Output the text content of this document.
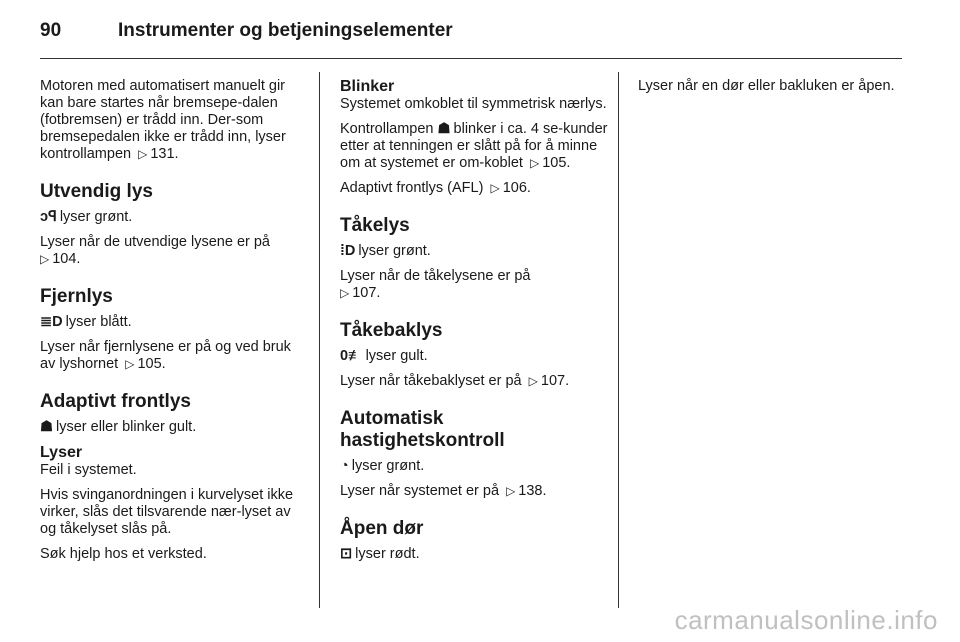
90	Instrumenter og betjeningselementer

Motoren med automatisert manuelt gir kan bare startes når bremsepe-dalen (fotbremsen) er trådd inn. Der-som bremsepedalen ikke er trådd inn, lyser kontrollampen ▷ 131.

Utvendig lys

ↄꟼ lyser grønt.

Lyser når de utvendige lysene er på
▷ 104.

Fjernlys

≣D lyser blått.

Lyser når fjernlysene er på og ved bruk av lyshornet ▷ 105.

Adaptivt frontlys

☗ lyser eller blinker gult.

Lyser

Feil i systemet.

Hvis svinganordningen i kurvelyset ikke virker, slås det tilsvarende nær-lyset av og tåkelyset slås på.

Søk hjelp hos et verksted.

Blinker

Systemet omkoblet til symmetrisk nærlys.

Kontrollampen ☗ blinker i ca. 4 se-kunder etter at tenningen er slått på for å minne om at systemet er om-koblet ▷ 105.

Adaptivt frontlys (AFL) ▷ 106.

Tåkelys

⁞D lyser grønt.

Lyser når de tåkelysene er på
▷ 107.

Tåkebaklys

0≢ lyser gult.

Lyser når tåkebaklyset er på ▷ 107.

Automatisk hastighetskontroll

◔ lyser grønt.

Lyser når systemet er på ▷ 138.

Åpen dør

⊡ lyser rødt.

Lyser når en dør eller bakluken er åpen.

carmanualsonline.info
